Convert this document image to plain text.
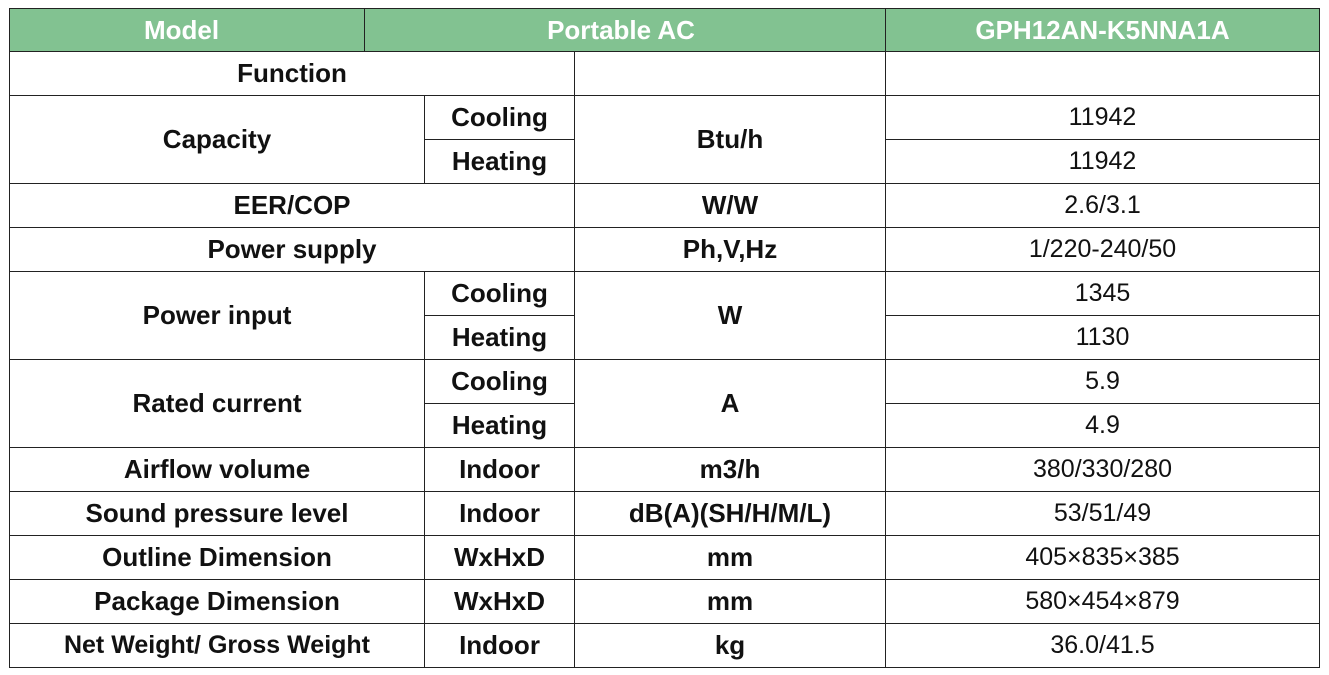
Model	Portable AC			GPH12AN-K5NNA1A
Function				
Capacity		Cooling	Btu/h	11942
		Heating		11942
EER/COP			W/W	2.6/3.1
Power supply			Ph,V,Hz	1/220-240/50
Power input		Cooling	W	1345
		Heating		1130
Rated current		Cooling	A	5.9
		Heating		4.9
Airflow volume		Indoor	m3/h	380/330/280
Sound pressure level		Indoor	dB(A)(SH/H/M/L)	53/51/49
Outline Dimension		WxHxD	mm	405×835×385
Package Dimension		WxHxD	mm	580×454×879
Net Weight/ Gross Weight		Indoor	kg	36.0/41.5
